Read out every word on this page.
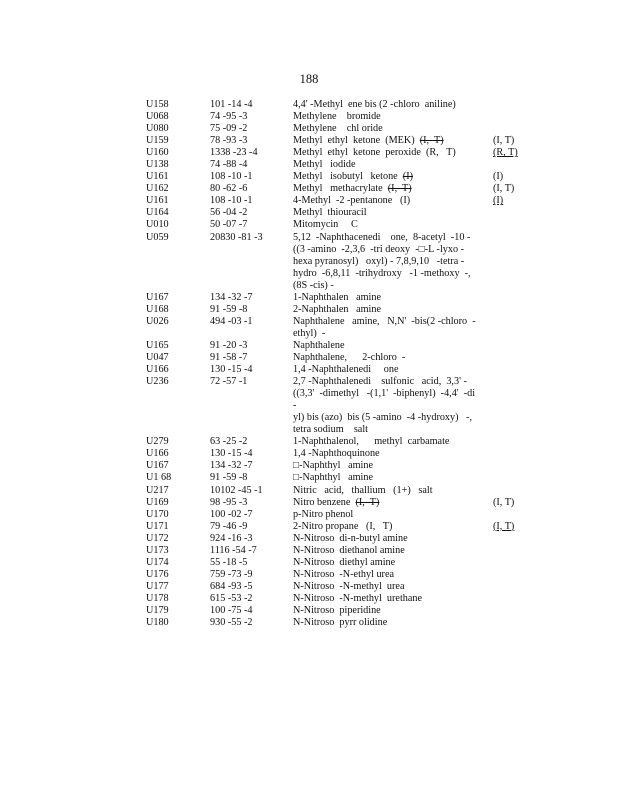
188
U158	101 -14 -4	4,4' -Methyl  ene bis (2 -chloro  aniline)
U068	74 -95 -3	Methylene    bromide
U080	75 -09 -2	Methylene    chl oride
U159	78 -93 -3	Methyl  ethyl  ketone  (MEK) (I,  T)	(I, T)
U160	1338 -23 -4	Methyl  ethyl  ketone  peroxide  (R,   T)	(R, T)
U138	74 -88 -4	Methyl   iodide
U161	108 -10 -1	Methyl   isobutyl   ketone (I)	(I)
U162	80 -62 -6	Methyl   methacrylate (I,  T)	(I, T)
U161	108 -10 -1	4-Methyl  -2 -pentanone   (I)	(I)
U164	56 -04 -2	Methyl  thiouracil
U010	50 -07 -7	Mitomycin     C
U059	20830 -81 -3	5,12  -Naphthacenedi    one,  8-acetyl  -10 -
((3 -amino  -2,3,6  -tri deoxy  -□-L -lyxo -
hexa pyranosyl)   oxyl) - 7,8,9,10   -tetra -
hydro  -6,8,11  -trihydroxy   -1 -methoxy  -,
(8S -cis) -
U167	134 -32 -7	1-Naphthalen   amine
U168	91 -59 -8	2-Naphthalen   amine
U026	494 -03 -1	Naphthalene   amine,   N,N'  -bis(2 -chloro  -
ethyl)  -
U165	91 -20 -3	Naphthalene
U047	91 -58 -7	Naphthalene,      2-chloro  -
U166	130 -15 -4	1,4 -Naphthalenedi     one
U236	72 -57 -1	2,7 -Naphthalenedi    sulfonic   acid,  3,3' -
((3,3'  -dimethyl   -(1,1'  -biphenyl)  -4,4'  -di -
yl) bis (azo)  bis (5 -amino  -4 -hydroxy)   -,
tetra sodium    salt
U279	63 -25 -2	1-Naphthalenol,      methyl  carbamate
U166	130 -15 -4	1,4 -Naphthoquinone
U167	134 -32 -7	□-Naphthyl   amine
U1 68	91 -59 -8	□-Naphthyl   amine
U217	10102 -45 -1	Nitric   acid,   thallium   (1+)   salt
U169	98 -95 -3	Nitro benzene (I,  T)	(I, T)
U170	100 -02 -7	p-Nitro phenol
U171	79 -46 -9	2-Nitro propane   (I,   T)	(I, T)
U172	924 -16 -3	N-Nitroso  di-n-butyl amine
U173	1116 -54 -7	N-Nitroso  diethanol amine
U174	55 -18 -5	N-Nitroso  diethyl amine
U176	759 -73 -9	N-Nitroso  -N-ethyl urea
U177	684 -93 -5	N-Nitroso  -N-methyl  urea
U178	615 -53 -2	N-Nitroso  -N-methyl  urethane
U179	100 -75 -4	N-Nitroso  piperidine
U180	930 -55 -2	N-Nitroso  pyrr olidine
